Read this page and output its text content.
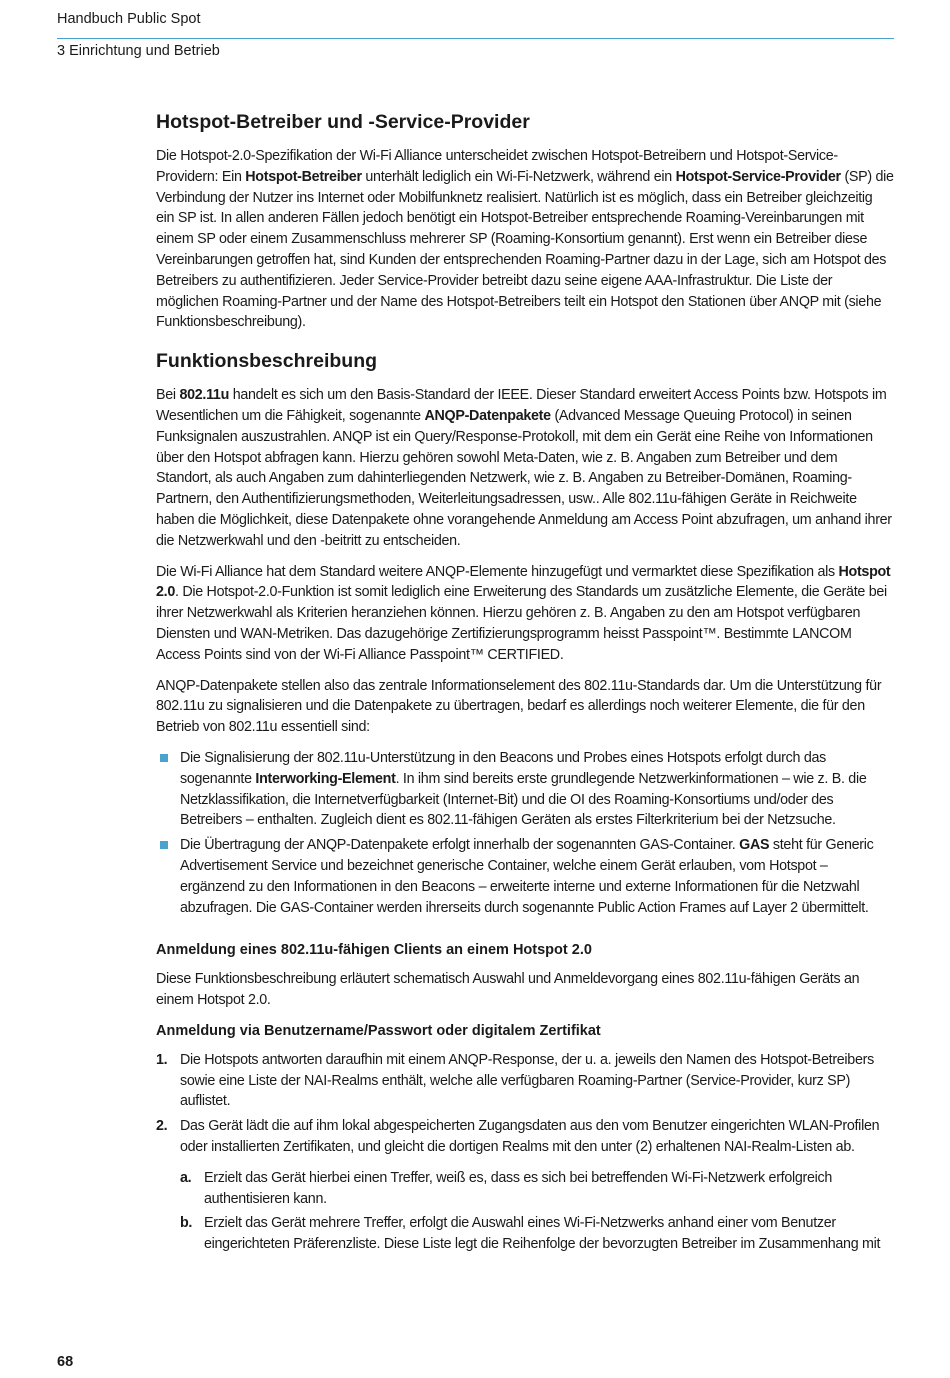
Handbuch Public Spot
3 Einrichtung und Betrieb
Hotspot-Betreiber und -Service-Provider

Die Hotspot-2.0-Spezifikation der Wi-Fi Alliance unterscheidet zwischen Hotspot-Betreibern und Hotspot-Service-Providern: Ein Hotspot-Betreiber unterhält lediglich ein Wi-Fi-Netzwerk, während ein Hotspot-Service-Provider (SP) die Verbindung der Nutzer ins Internet oder Mobilfunknetz realisiert. Natürlich ist es möglich, dass ein Betreiber gleichzeitig ein SP ist. In allen anderen Fällen jedoch benötigt ein Hotspot-Betreiber entsprechende Roaming-Vereinbarungen mit einem SP oder einem Zusammenschluss mehrerer SP (Roaming-Konsortium genannt). Erst wenn ein Betreiber diese Vereinbarungen getroffen hat, sind Kunden der entsprechenden Roaming-Partner dazu in der Lage, sich am Hotspot des Betreibers zu authentifizieren. Jeder Service-Provider betreibt dazu seine eigene AAA-Infrastruktur. Die Liste der möglichen Roaming-Partner und der Name des Hotspot-Betreibers teilt ein Hotspot den Stationen über ANQP mit (siehe Funktionsbeschreibung).

Funktionsbeschreibung

Bei 802.11u handelt es sich um den Basis-Standard der IEEE. Dieser Standard erweitert Access Points bzw. Hotspots im Wesentlichen um die Fähigkeit, sogenannte ANQP-Datenpakete (Advanced Message Queuing Protocol) in seinen Funksignalen auszustrahlen. ANQP ist ein Query/Response-Protokoll, mit dem ein Gerät eine Reihe von Informationen über den Hotspot abfragen kann. Hierzu gehören sowohl Meta-Daten, wie z. B. Angaben zum Betreiber und dem Standort, als auch Angaben zum dahinterliegenden Netzwerk, wie z. B. Angaben zu Betreiber-Domänen, Roaming-Partnern, den Authentifizierungsmethoden, Weiterleitungsadressen, usw.. Alle 802.11u-fähigen Geräte in Reichweite haben die Möglichkeit, diese Datenpakete ohne vorangehende Anmeldung am Access Point abzufragen, um anhand ihrer die Netzwerkwahl und den -beitritt zu entscheiden.

Die Wi-Fi Alliance hat dem Standard weitere ANQP-Elemente hinzugefügt und vermarktet diese Spezifikation als Hotspot 2.0. Die Hotspot-2.0-Funktion ist somit lediglich eine Erweiterung des Standards um zusätzliche Elemente, die Geräte bei ihrer Netzwerkwahl als Kriterien heranziehen können. Hierzu gehören z. B. Angaben zu den am Hotspot verfügbaren Diensten und WAN-Metriken. Das dazugehörige Zertifizierungsprogramm heisst Passpoint™. Bestimmte LANCOM Access Points sind von der Wi-Fi Alliance Passpoint™ CERTIFIED.

ANQP-Datenpakete stellen also das zentrale Informationselement des 802.11u-Standards dar. Um die Unterstützung für 802.11u zu signalisieren und die Datenpakete zu übertragen, bedarf es allerdings noch weiterer Elemente, die für den Betrieb von 802.11u essentiell sind:

Die Signalisierung der 802.11u-Unterstützung in den Beacons und Probes eines Hotspots erfolgt durch das sogenannte Interworking-Element. In ihm sind bereits erste grundlegende Netzwerkinformationen – wie z. B. die Netzklassifikation, die Internetverfügbarkeit (Internet-Bit) und die OI des Roaming-Konsortiums und/oder des Betreibers – enthalten. Zugleich dient es 802.11-fähigen Geräten als erstes Filterkriterium bei der Netzsuche.
Die Übertragung der ANQP-Datenpakete erfolgt innerhalb der sogenannten GAS-Container. GAS steht für Generic Advertisement Service und bezeichnet generische Container, welche einem Gerät erlauben, vom Hotspot – ergänzend zu den Informationen in den Beacons – erweiterte interne und externe Informationen für die Netzwahl abzufragen. Die GAS-Container werden ihrerseits durch sogenannte Public Action Frames auf Layer 2 übermittelt.
Anmeldung eines 802.11u-fähigen Clients an einem Hotspot 2.0

Diese Funktionsbeschreibung erläutert schematisch Auswahl und Anmeldevorgang eines 802.11u-fähigen Geräts an einem Hotspot 2.0.

Anmeldung via Benutzername/Passwort oder digitalem Zertifikat
1. Die Hotspots antworten daraufhin mit einem ANQP-Response, der u. a. jeweils den Namen des Hotspot-Betreibers sowie eine Liste der NAI-Realms enthält, welche alle verfügbaren Roaming-Partner (Service-Provider, kurz SP) auflistet.
2. Das Gerät lädt die auf ihm lokal abgespeicherten Zugangsdaten aus den vom Benutzer eingerichten WLAN-Profilen oder installierten Zertifikaten, und gleicht die dortigen Realms mit den unter (2) erhaltenen NAI-Realm-Listen ab.
a. Erzielt das Gerät hierbei einen Treffer, weiß es, dass es sich bei betreffenden Wi-Fi-Netzwerk erfolgreich authentisieren kann.
b. Erzielt das Gerät mehrere Treffer, erfolgt die Auswahl eines Wi-Fi-Netzwerks anhand einer vom Benutzer eingerichteten Präferenzliste. Diese Liste legt die Reihenfolge der bevorzugten Betreiber im Zusammenhang mit
68
